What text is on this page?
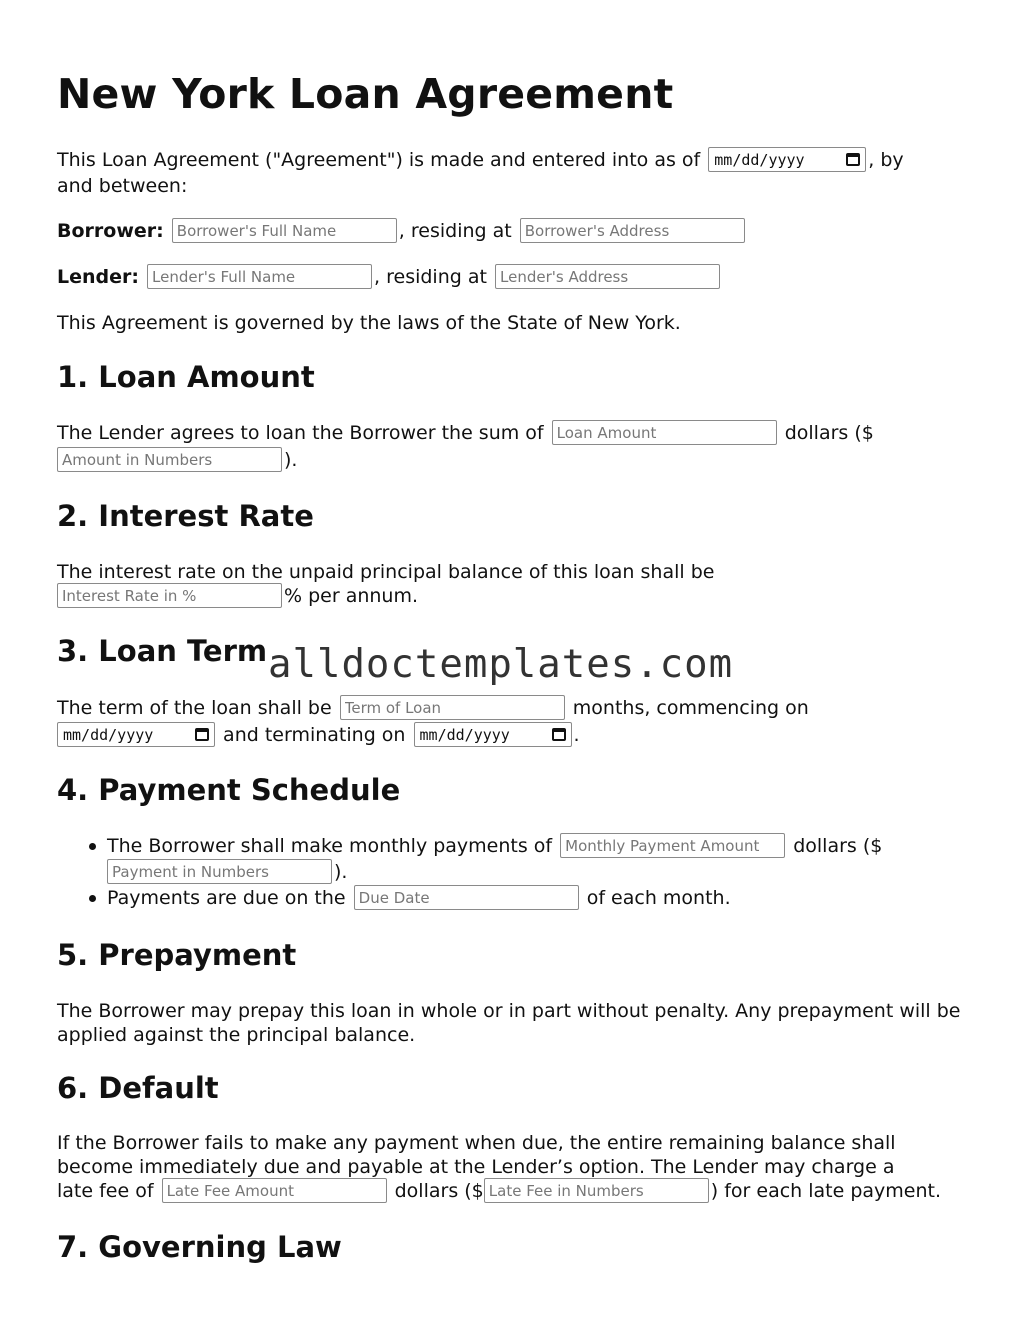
New York Loan Agreement
This Loan Agreement ("Agreement") is made and entered into as of mm/dd/yyyy	, by
and between:
Borrower: Borrower's Full Name	, residing at Borrower's Address
Lender: Lender's Full Name	, residing at Lender's Address
This Agreement is governed by the laws of the State of New York.
1. Loan Amount
The Lender agrees to loan the Borrower the sum of Loan Amount	dollars ($
Amount in Numbers).
2. Interest Rate
The interest rate on the unpaid principal balance of this loan shall be
Interest Rate in %% per annum.
3. Loan Term
The term of the loan shall be Term of Loan	months, commencing on
mm/dd/yyyy	and terminating on mm/dd/yyyy	.
4. Payment Schedule
The Borrower shall make monthly payments of Monthly Payment Amount	dollars ($
Payment in Numbers).
Payments are due on the Due Date	of each month.
5. Prepayment

The Borrower may prepay this loan in whole or in part without penalty. Any prepayment will be applied against the principal balance.

6. Default
If the Borrower fails to make any payment when due, the entire remaining balance shall
become immediately due and payable at the Lender’s option. The Lender may charge a
late fee of Late Fee Amount	dollars ($Late Fee in Numbers	) for each late payment.
7. Governing Law
alldoctemplates.com
